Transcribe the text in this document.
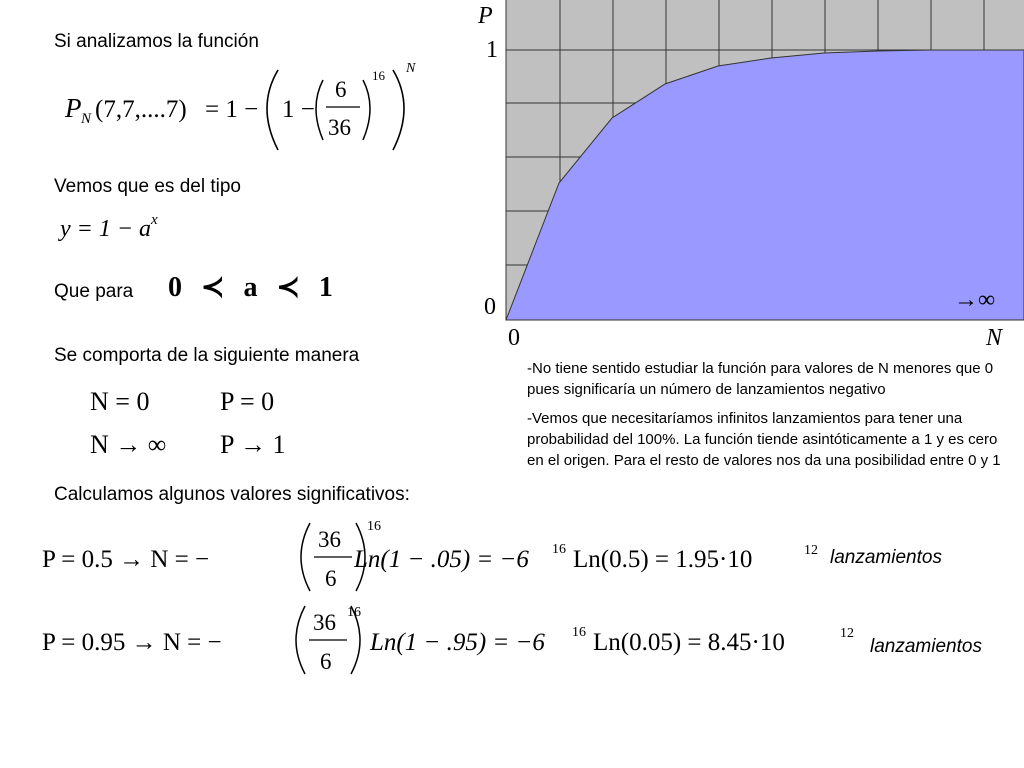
Si analizamos la función
P N (7,7,....7) = 1 − 1 −
6
36
16 N
Vemos que es del tipo
$y = 1 - a^x$
Que para 0 ≺ a ≺ 1
Se comporta de la siguiente manera
N = 0	P = 0
N → ∞ P → 1
Calculamos algunos valores significativos:
P = 0.5 → N = −
36
6
16
Ln(1 − .05) = −6 16 Ln(0.5) = 1.95·10	12 lanzamientos
P = 0.95 → N = −
36
6
16
Ln(1 − .95) = −6 16 Ln(0.05) = 8.45·10	12
lanzamientos
P
1
0
0	N
→∞
-No tiene sentido estudiar la función para valores de N menores que 0 pues significaría un número de lanzamientos negativo
-Vemos que necesitaríamos infinitos lanzamientos para tener una probabilidad del 100%. La función tiende asintóticamente a 1 y es cero en el origen. Para el resto de valores nos da una posibilidad entre 0 y 1
